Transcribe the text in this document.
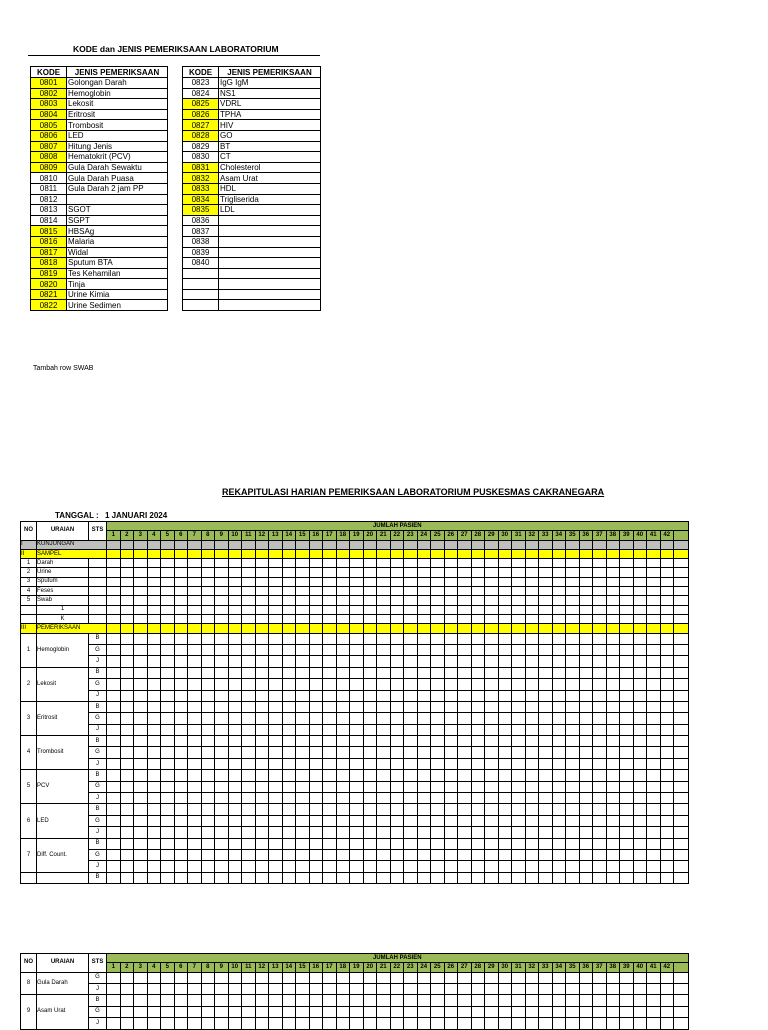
KODE dan JENIS PEMERIKSAAN LABORATORIUM
KODE	JENIS PEMERIKSAAN
0801	Golongan Darah
0802	Hemoglobin
0803	Lekosit
0804	Eritrosit
0805	Trombosit
0806	LED
0807	Hitung Jenis
0808	Hematokrit (PCV)
0809	Gula Darah Sewaktu
0810	Gula Darah Puasa
0811	Gula Darah 2 jam PP
0812	
0813	SGOT
0814	SGPT
0815	HBSAg
0816	Malaria
0817	Widal
0818	Sputum BTA
0819	Tes Kehamilan
0820	Tinja
0821	Urine Kimia
0822	Urine Sedimen
KODE	JENIS PEMERIKSAAN
0823	IgG IgM
0824	NS1
0825	VDRL
0826	TPHA
0827	HIV
0828	GO
0829	BT
0830	CT
0831	Cholesterol
0832	Asam Urat
0833	HDL
0834	Trigliserida
0835	LDL
0836	
0837	
0838	
0839	
0840	

Tambah row SWAB
REKAPITULASI HARIAN PEMERIKSAAN LABORATORIUM PUSKESMAS CAKRANEGARA
TANGGAL : 1 JANUARI 2024
NO	URAIAN	STS	JUMLAH PASIEN																																										
			1	2	3	4	5	6	7	8	9	10	11	12	13	14	15	16	17	18	19	20	21	22	23	24	25	26	27	28	29	30	31	32	33	34	35	36	37	38	39	40	41	42	
I	KUNJUNGAN																																												
II	SAMPEL																																												
1	Darah																																												
2	Urine																																												
3	Sputum																																												
4	Feses																																												
5	Swab																																												
	1																																												
	K																																												
III	PEMERIKSAAN																																												
1	Hemoglobin	B																																											
		G																																											
		J																																											
2	Lekosit	B																																											
		G																																											
		J																																											
3	Eritrosit	B																																											
		G																																											
		J																																											
4	Trombosit	B																																											
		G																																											
		J																																											
5	PCV	B																																											
		G																																											
		J																																											
6	LED	B																																											
		G																																											
		J																																											
7	Diff. Count.	B																																											
		G																																											
		J																																											
		B																																											
NO	URAIAN	STS	JUMLAH PASIEN																																										
			1	2	3	4	5	6	7	8	9	10	11	12	13	14	15	16	17	18	19	20	21	22	23	24	25	26	27	28	29	30	31	32	33	34	35	36	37	38	39	40	41	42	
8	Gula Darah	G																																											
		J																																											
9	Asam Urat	B																																											
		G																																											
		J																																											
